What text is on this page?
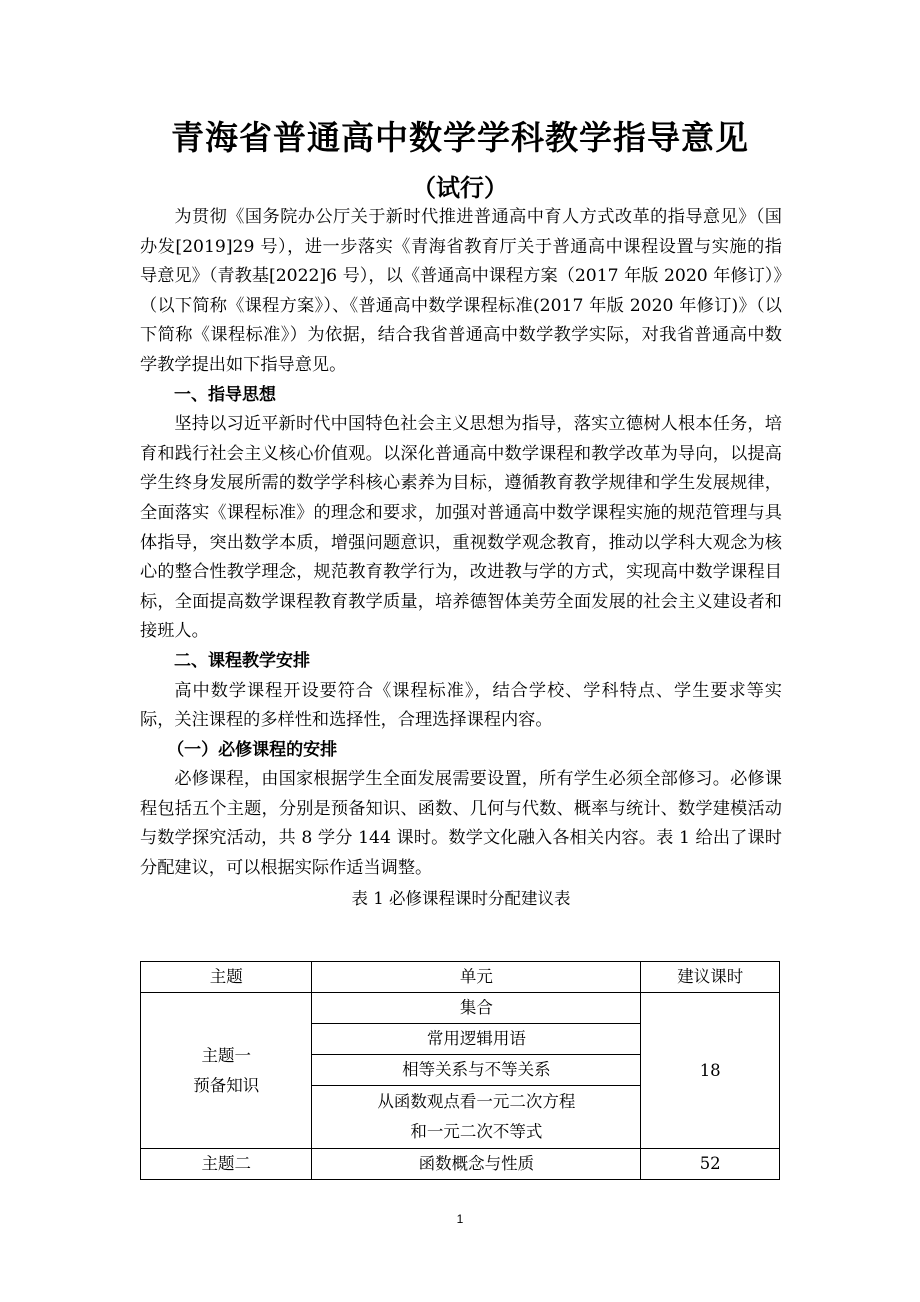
青海省普通高中数学学科教学指导意见
（试行）

为贯彻《国务院办公厅关于新时代推进普通高中育人方式改革的指导意见》（国办发[2019]29 号），进一步落实《青海省教育厅关于普通高中课程设置与实施的指导意见》（青教基[2022]6 号），以《普通高中课程方案（2017 年版 2020 年修订）》（以下简称《课程方案》）、《普通高中数学课程标准(2017 年版 2020 年修订)》（以下简称《课程标准》）为依据，结合我省普通高中数学教学实际，对我省普通高中数学教学提出如下指导意见。

一、指导思想

坚持以习近平新时代中国特色社会主义思想为指导，落实立德树人根本任务，培育和践行社会主义核心价值观。以深化普通高中数学课程和教学改革为导向，以提高学生终身发展所需的数学学科核心素养为目标，遵循教育教学规律和学生发展规律，全面落实《课程标准》的理念和要求，加强对普通高中数学课程实施的规范管理与具体指导，突出数学本质，增强问题意识，重视数学观念教育，推动以学科大观念为核心的整合性教学理念，规范教育教学行为，改进教与学的方式，实现高中数学课程目标，全面提高数学课程教育教学质量，培养德智体美劳全面发展的社会主义建设者和接班人。

二、课程教学安排

高中数学课程开设要符合《课程标准》，结合学校、学科特点、学生要求等实际，关注课程的多样性和选择性，合理选择课程内容。

（一）必修课程的安排

必修课程，由国家根据学生全面发展需要设置，所有学生必须全部修习。必修课程包括五个主题，分别是预备知识、函数、几何与代数、概率与统计、数学建模活动与数学探究活动，共 8 学分 144 课时。数学文化融入各相关内容。表 1 给出了课时分配建议，可以根据实际作适当调整。

表 1 必修课程课时分配建议表

主题	单元	建议课时
主题一
预备知识	集合	18
	常用逻辑用语	
	相等关系与不等关系	
	从函数观点看一元二次方程
和一元二次不等式	
主题二	函数概念与性质	52
1
